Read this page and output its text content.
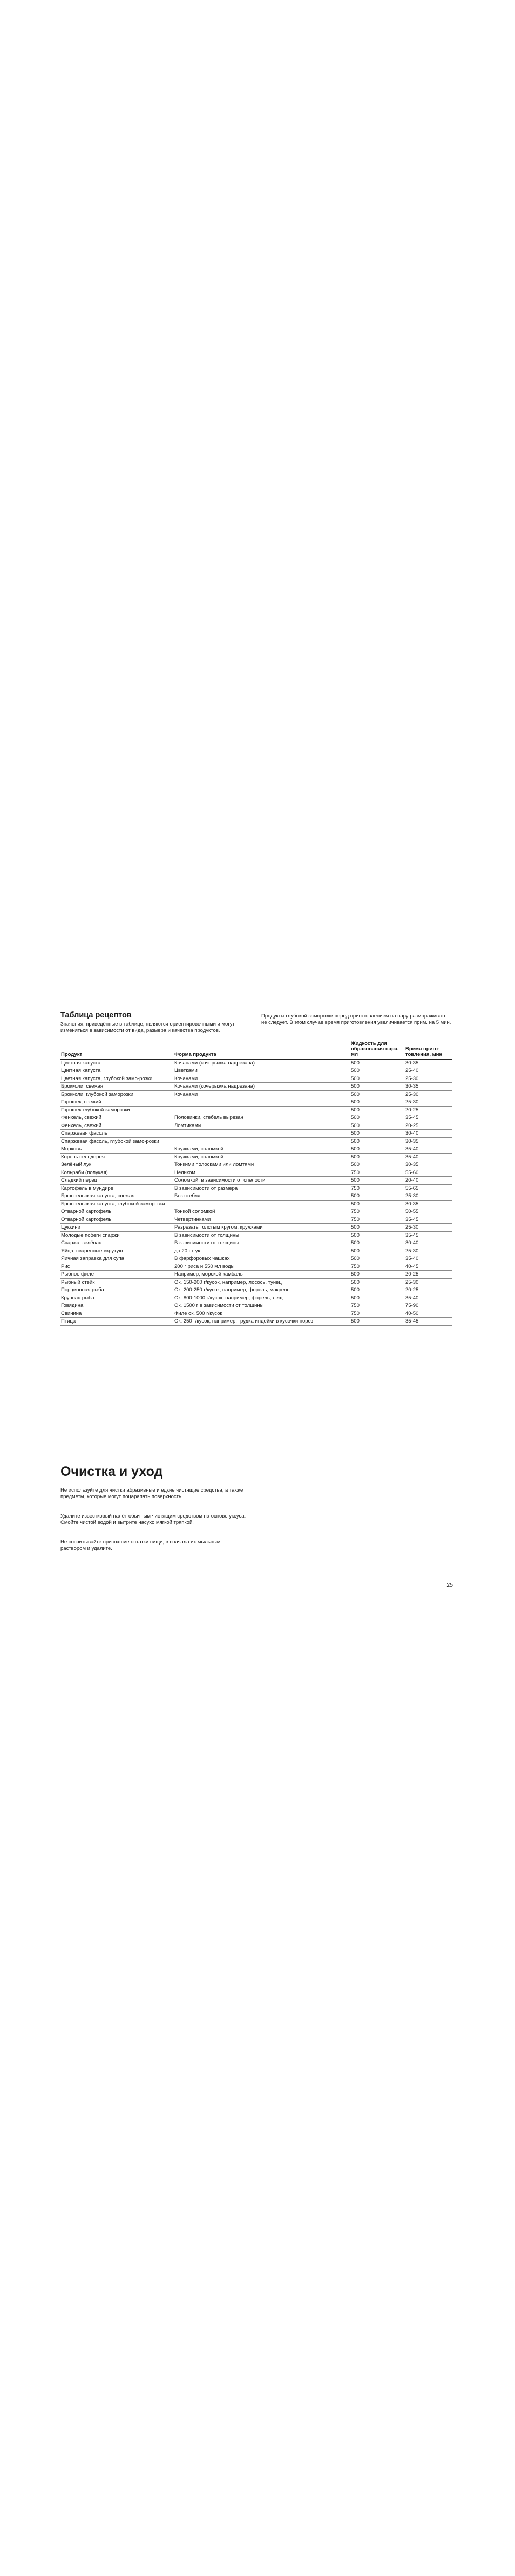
Таблица рецептов

Значения, приведённые в таблице, являются ориентировочными и могут изменяться в зависимости от вида, размера и качества продуктов.

Продукты глубокой заморозки перед приготовлением на пару размораживать не следует. В этом случае время приготовления увеличивается прим. на 5 мин.

Продукт	Форма продукта	Жидкость для образования пара, мл	Время приго-товления, мин
Цветная капуста	Кочанами (кочерыжка надрезана)	500	30-35
Цветная капуста	Цветками	500	25-40
Цветная капуста, глубокой замо-розки	Кочанами	500	25-30
Брокколи, свежая	Кочанами (кочерыжка надрезана)	500	30-35
Брокколи, глубокой заморозки	Кочанами	500	25-30
Горошек, свежий		500	25-30
Горошек глубокой заморозки		500	20-25
Фенхель, свежий	Половинки, стебель вырезан	500	35-45
Фенхель, свежий	Ломтиками	500	20-25
Спаржевая фасоль		500	30-40
Спаржевая фасоль, глубокой замо-розки		500	30-35
Морковь	Кружками, соломкой	500	35-40
Корень сельдерея	Кружками, соломкой	500	35-40
Зелёный лук	Тонкими полосками или ломтями	500	30-35
Кольраби (полукая)	Целиком	750	55-60
Сладкий перец	Соломкой, в зависимости от спелости	500	20-40
Картофель в мундире	В зависимости от размера	750	55-65
Брюссельская капуста, свежая	Без стебля	500	25-30
Брюссельская капуста, глубокой заморозки		500	30-35
Отварной картофель	Тонкой соломкой	750	50-55
Отварной картофель	Четвертинками	750	35-45
Цуккини	Разрезать толстым кругом, кружками	500	25-30
Молодые побеги спаржи	В зависимости от толщины	500	35-45
Спаржа, зелёная	В зависимости от толщины	500	30-40
Яйца, сваренные вкрутую	до 20 штук	500	25-30
Яичная заправка для супа	В фарфоровых чашках	500	35-40
Рис	200 г риса и 550 мл воды	750	40-45
Рыбное филе	Например, морской камбалы	500	20-25
Рыбный стейк	Ок. 150-200 г/кусок, например, лосось, тунец	500	25-30
Порционная рыба	Ок. 200-250 г/кусок, например, форель, макрель	500	20-25
Крупная рыба	Ок. 800-1000 г/кусок, например, форель, лещ	500	35-40
Говядина	Ок. 1500 г в зависимости от толщины	750	75-90
Свинина	Филе ок. 500 г/кусок	750	40-50
Птица	Ок. 250 г/кусок, например, грудка индейки в кусочки порез	500	35-45
Очистка и уход

Не используйте для чистки абразивные и едкие чистящие средства, а также предметы, которые могут поцарапать поверхность.

Удалите известковый налёт обычным чистящим средством на основе уксуса. Смойте чистой водой и вытрите насухо мягкой тряпкой.

Не сосчитывайте присохшие остатки пищи, в сначала их мыльным раствором и удалите.

25
